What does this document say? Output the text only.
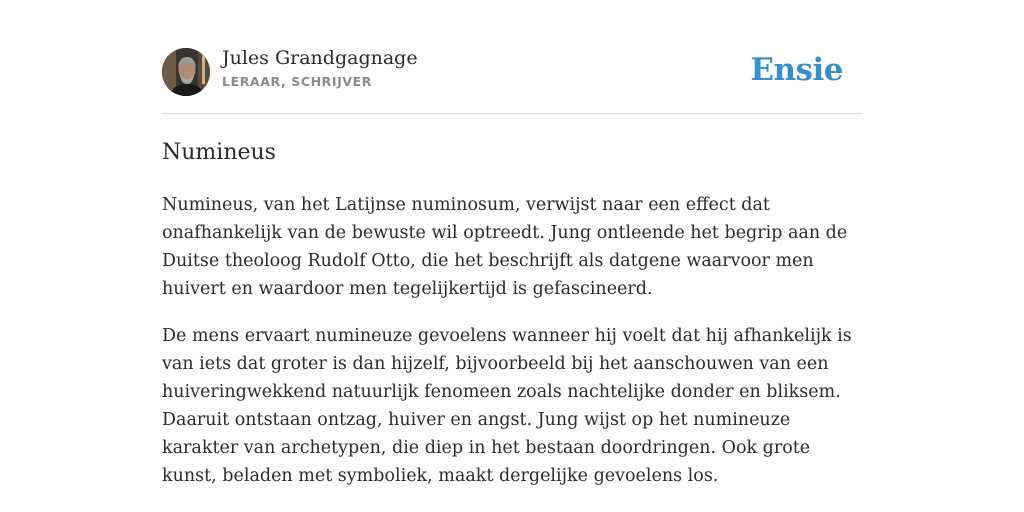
Jules Grandgagnage
LERAAR, SCHRIJVER	Ensie
Numineus

Numineus, van het Latijnse numinosum, verwijst naar een effect dat onafhankelijk van de bewuste wil optreedt. Jung ontleende het begrip aan de Duitse theoloog Rudolf Otto, die het beschrijft als datgene waarvoor men huivert en waardoor men tegelijkertijd is gefascineerd.

De mens ervaart numineuze gevoelens wanneer hij voelt dat hij afhankelijk is van iets dat groter is dan hijzelf, bijvoorbeeld bij het aanschouwen van een huiveringwekkend natuurlijk fenomeen zoals nachtelijke donder en bliksem. Daaruit ontstaan ontzag, huiver en angst. Jung wijst op het numineuze karakter van archetypen, die diep in het bestaan doordringen. Ook grote kunst, beladen met symboliek, maakt dergelijke gevoelens los.
